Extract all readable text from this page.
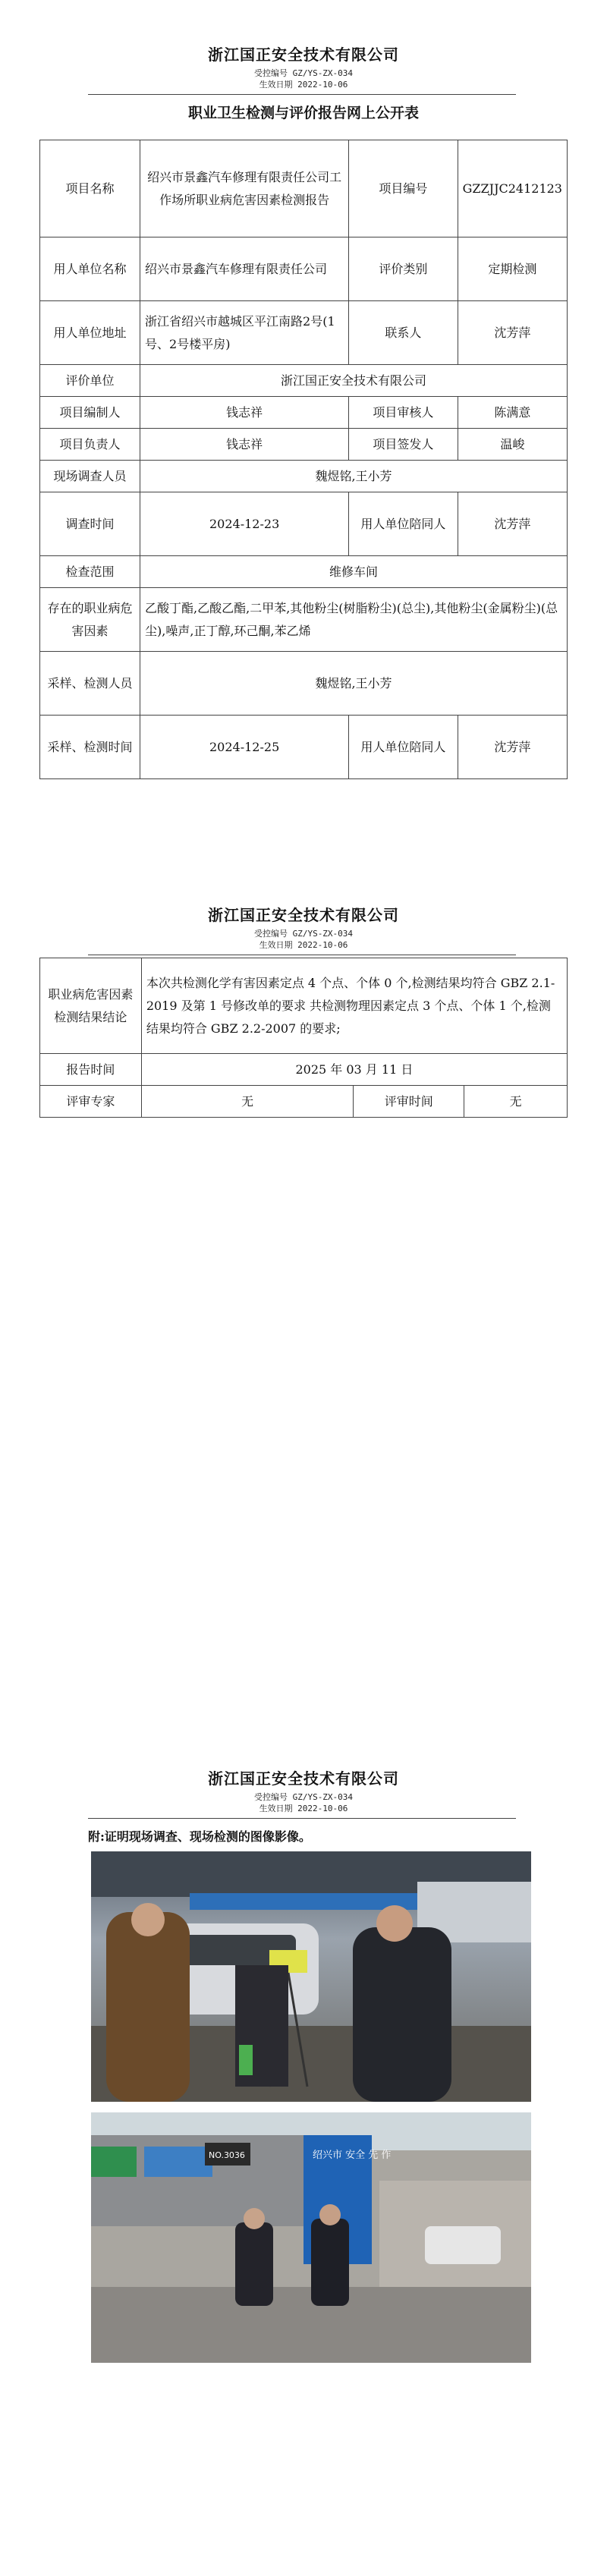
浙江国正安全技术有限公司
受控编号 GZ/YS-ZX-034
生效日期 2022-10-06
职业卫生检测与评价报告网上公开表
项目名称	绍兴市景鑫汽车修理有限责任公司工作场所职业病危害因素检测报告	项目编号	GZZJJC2412123
用人单位名称	绍兴市景鑫汽车修理有限责任公司	评价类别	定期检测
用人单位地址	浙江省绍兴市越城区平江南路2号(1号、2号楼平房)	联系人	沈芳萍
评价单位	浙江国正安全技术有限公司		
项目编制人	钱志祥	项目审核人	陈满意
项目负责人	钱志祥	项目签发人	温峻
现场调查人员	魏煜铭,王小芳		
调查时间	2024-12-23	用人单位陪同人	沈芳萍
检查范围	维修车间		
存在的职业病危害因素	乙酸丁酯,乙酸乙酯,二甲苯,其他粉尘(树脂粉尘)(总尘),其他粉尘(金属粉尘)(总尘),噪声,正丁醇,环己酮,苯乙烯		
采样、检测人员	魏煜铭,王小芳		
采样、检测时间	2024-12-25	用人单位陪同人	沈芳萍
浙江国正安全技术有限公司
受控编号 GZ/YS-ZX-034
生效日期 2022-10-06
职业病危害因素检测结果结论	本次共检测化学有害因素定点 4 个点、个体 0 个,检测结果均符合 GBZ 2.1-2019 及第 1 号修改单的要求 共检测物理因素定点 3 个点、个体 1 个,检测结果均符合 GBZ 2.2-2007 的要求;		
报告时间	2025 年 03 月 11 日		
评审专家	无	评审时间	无
浙江国正安全技术有限公司
受控编号 GZ/YS-ZX-034
生效日期 2022-10-06
附:证明现场调查、现场检测的图像影像。
NO.3036	绍兴市 安全 先 作
